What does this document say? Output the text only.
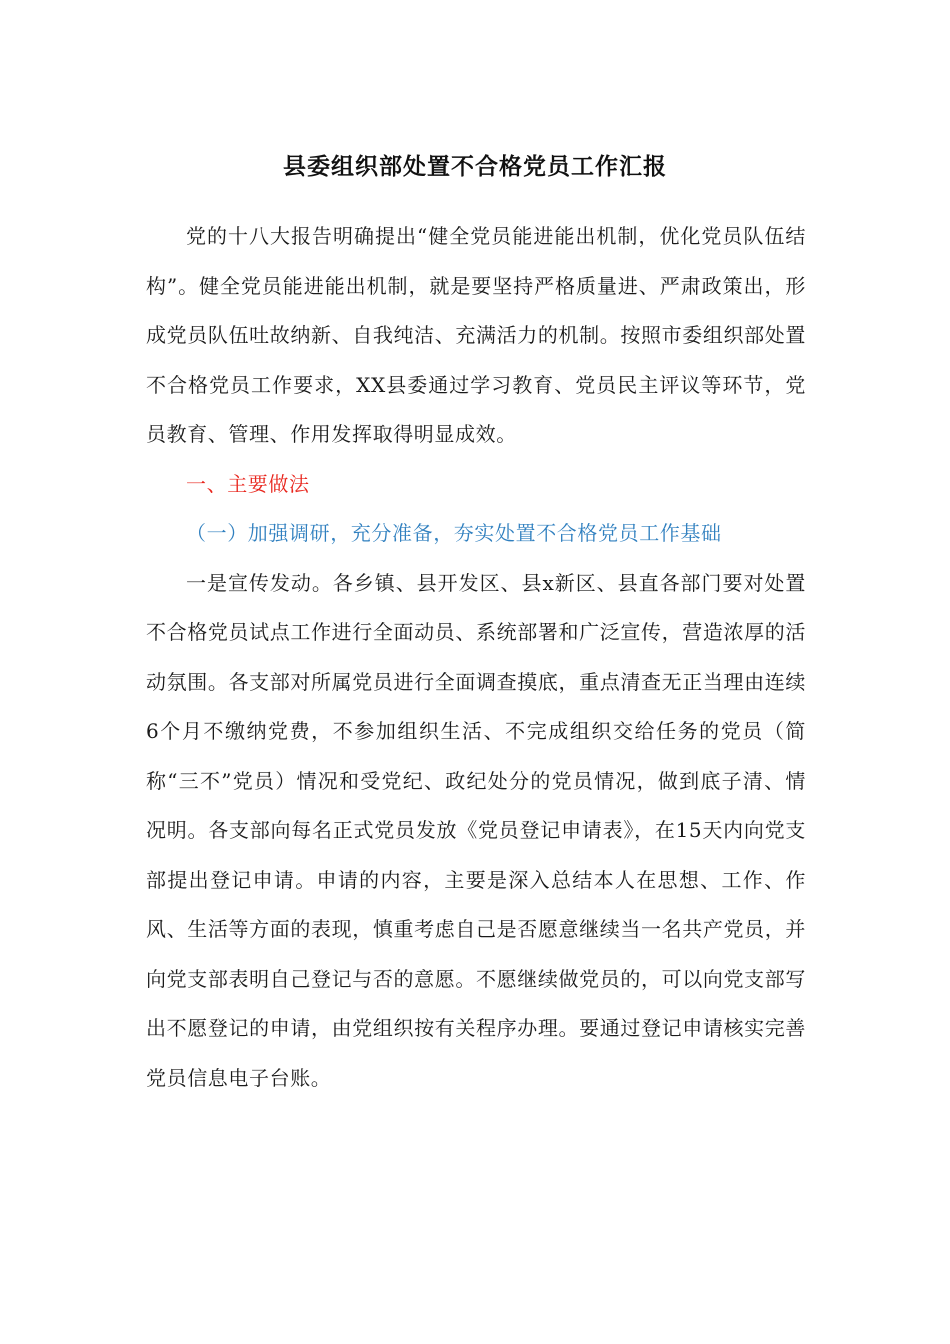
县委组织部处置不合格党员工作汇报

党的十八大报告明确提出“健全党员能进能出机制，优化党员队伍结构”。健全党员能进能出机制，就是要坚持严格质量进、严肃政策出，形成党员队伍吐故纳新、自我纯洁、充满活力的机制。按照市委组织部处置不合格党员工作要求，XX县委通过学习教育、党员民主评议等环节，党员教育、管理、作用发挥取得明显成效。

一、主要做法

（一）加强调研，充分准备，夯实处置不合格党员工作基础

一是宣传发动。各乡镇、县开发区、县x新区、县直各部门要对处置不合格党员试点工作进行全面动员、系统部署和广泛宣传，营造浓厚的活动氛围。各支部对所属党员进行全面调查摸底，重点清查无正当理由连续6个月不缴纳党费，不参加组织生活、不完成组织交给任务的党员（简称“三不”党员）情况和受党纪、政纪处分的党员情况，做到底子清、情况明。各支部向每名正式党员发放《党员登记申请表》，在15天内向党支部提出登记申请。申请的内容，主要是深入总结本人在思想、工作、作风、生活等方面的表现，慎重考虑自己是否愿意继续当一名共产党员，并向党支部表明自己登记与否的意愿。不愿继续做党员的，可以向党支部写出不愿登记的申请，由党组织按有关程序办理。要通过登记申请核实完善党员信息电子台账。
